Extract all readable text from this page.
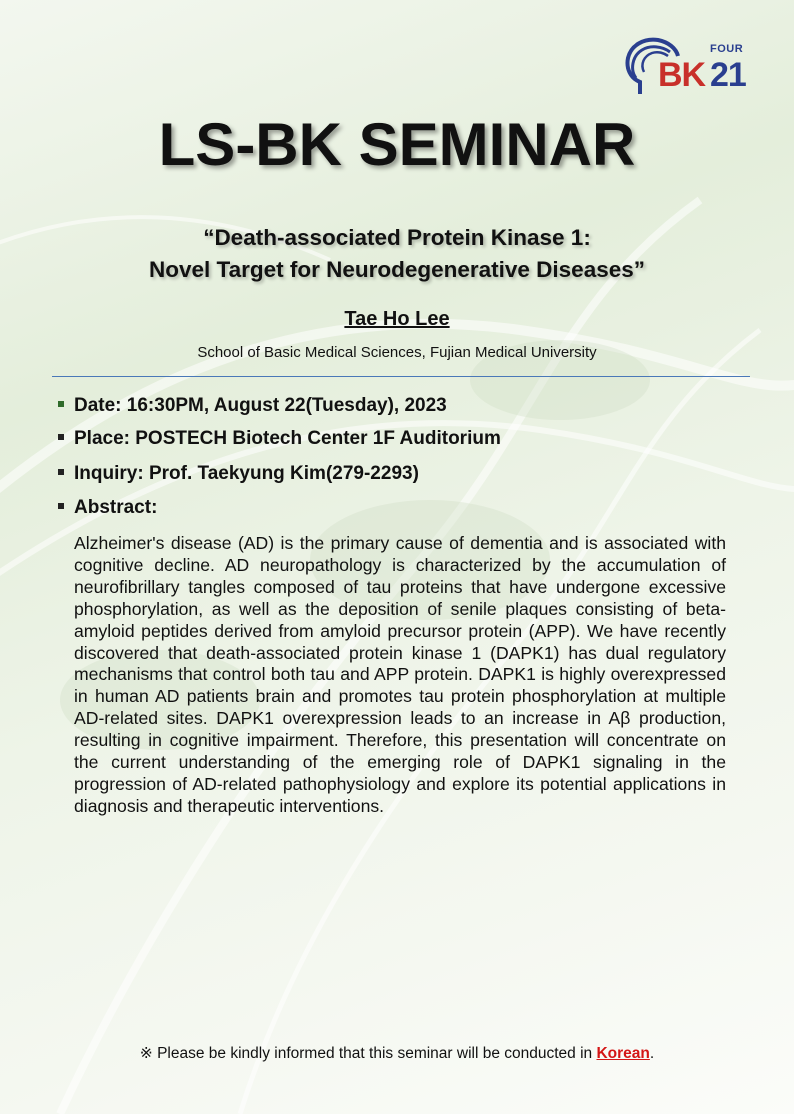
FOUR
BK 21
LS-BK SEMINAR
“Death-associated Protein Kinase 1:
Novel Target for Neurodegenerative Diseases”
Tae Ho Lee
School of Basic Medical Sciences, Fujian Medical University
Date: 16:30PM, August 22(Tuesday), 2023
Place: POSTECH Biotech Center 1F Auditorium
Inquiry: Prof. Taekyung Kim(279-2293)
Abstract:
Alzheimer's disease (AD) is the primary cause of dementia and is associated with cognitive decline. AD neuropathology is characterized by the accumulation of neurofibrillary tangles composed of tau proteins that have undergone excessive phosphorylation, as well as the deposition of senile plaques consisting of beta-amyloid peptides derived from amyloid precursor protein (APP). We have recently discovered that death-associated protein kinase 1 (DAPK1) has dual regulatory mechanisms that control both tau and APP protein. DAPK1 is highly overexpressed in human AD patients brain and promotes tau protein phosphorylation at multiple AD-related sites. DAPK1 overexpression leads to an increase in Aβ production, resulting in cognitive impairment. Therefore, this presentation will concentrate on the current understanding of the emerging role of DAPK1 signaling in the progression of AD-related pathophysiology and explore its potential applications in diagnosis and therapeutic interventions.
※ Please be kindly informed that this seminar will be conducted in Korean.
